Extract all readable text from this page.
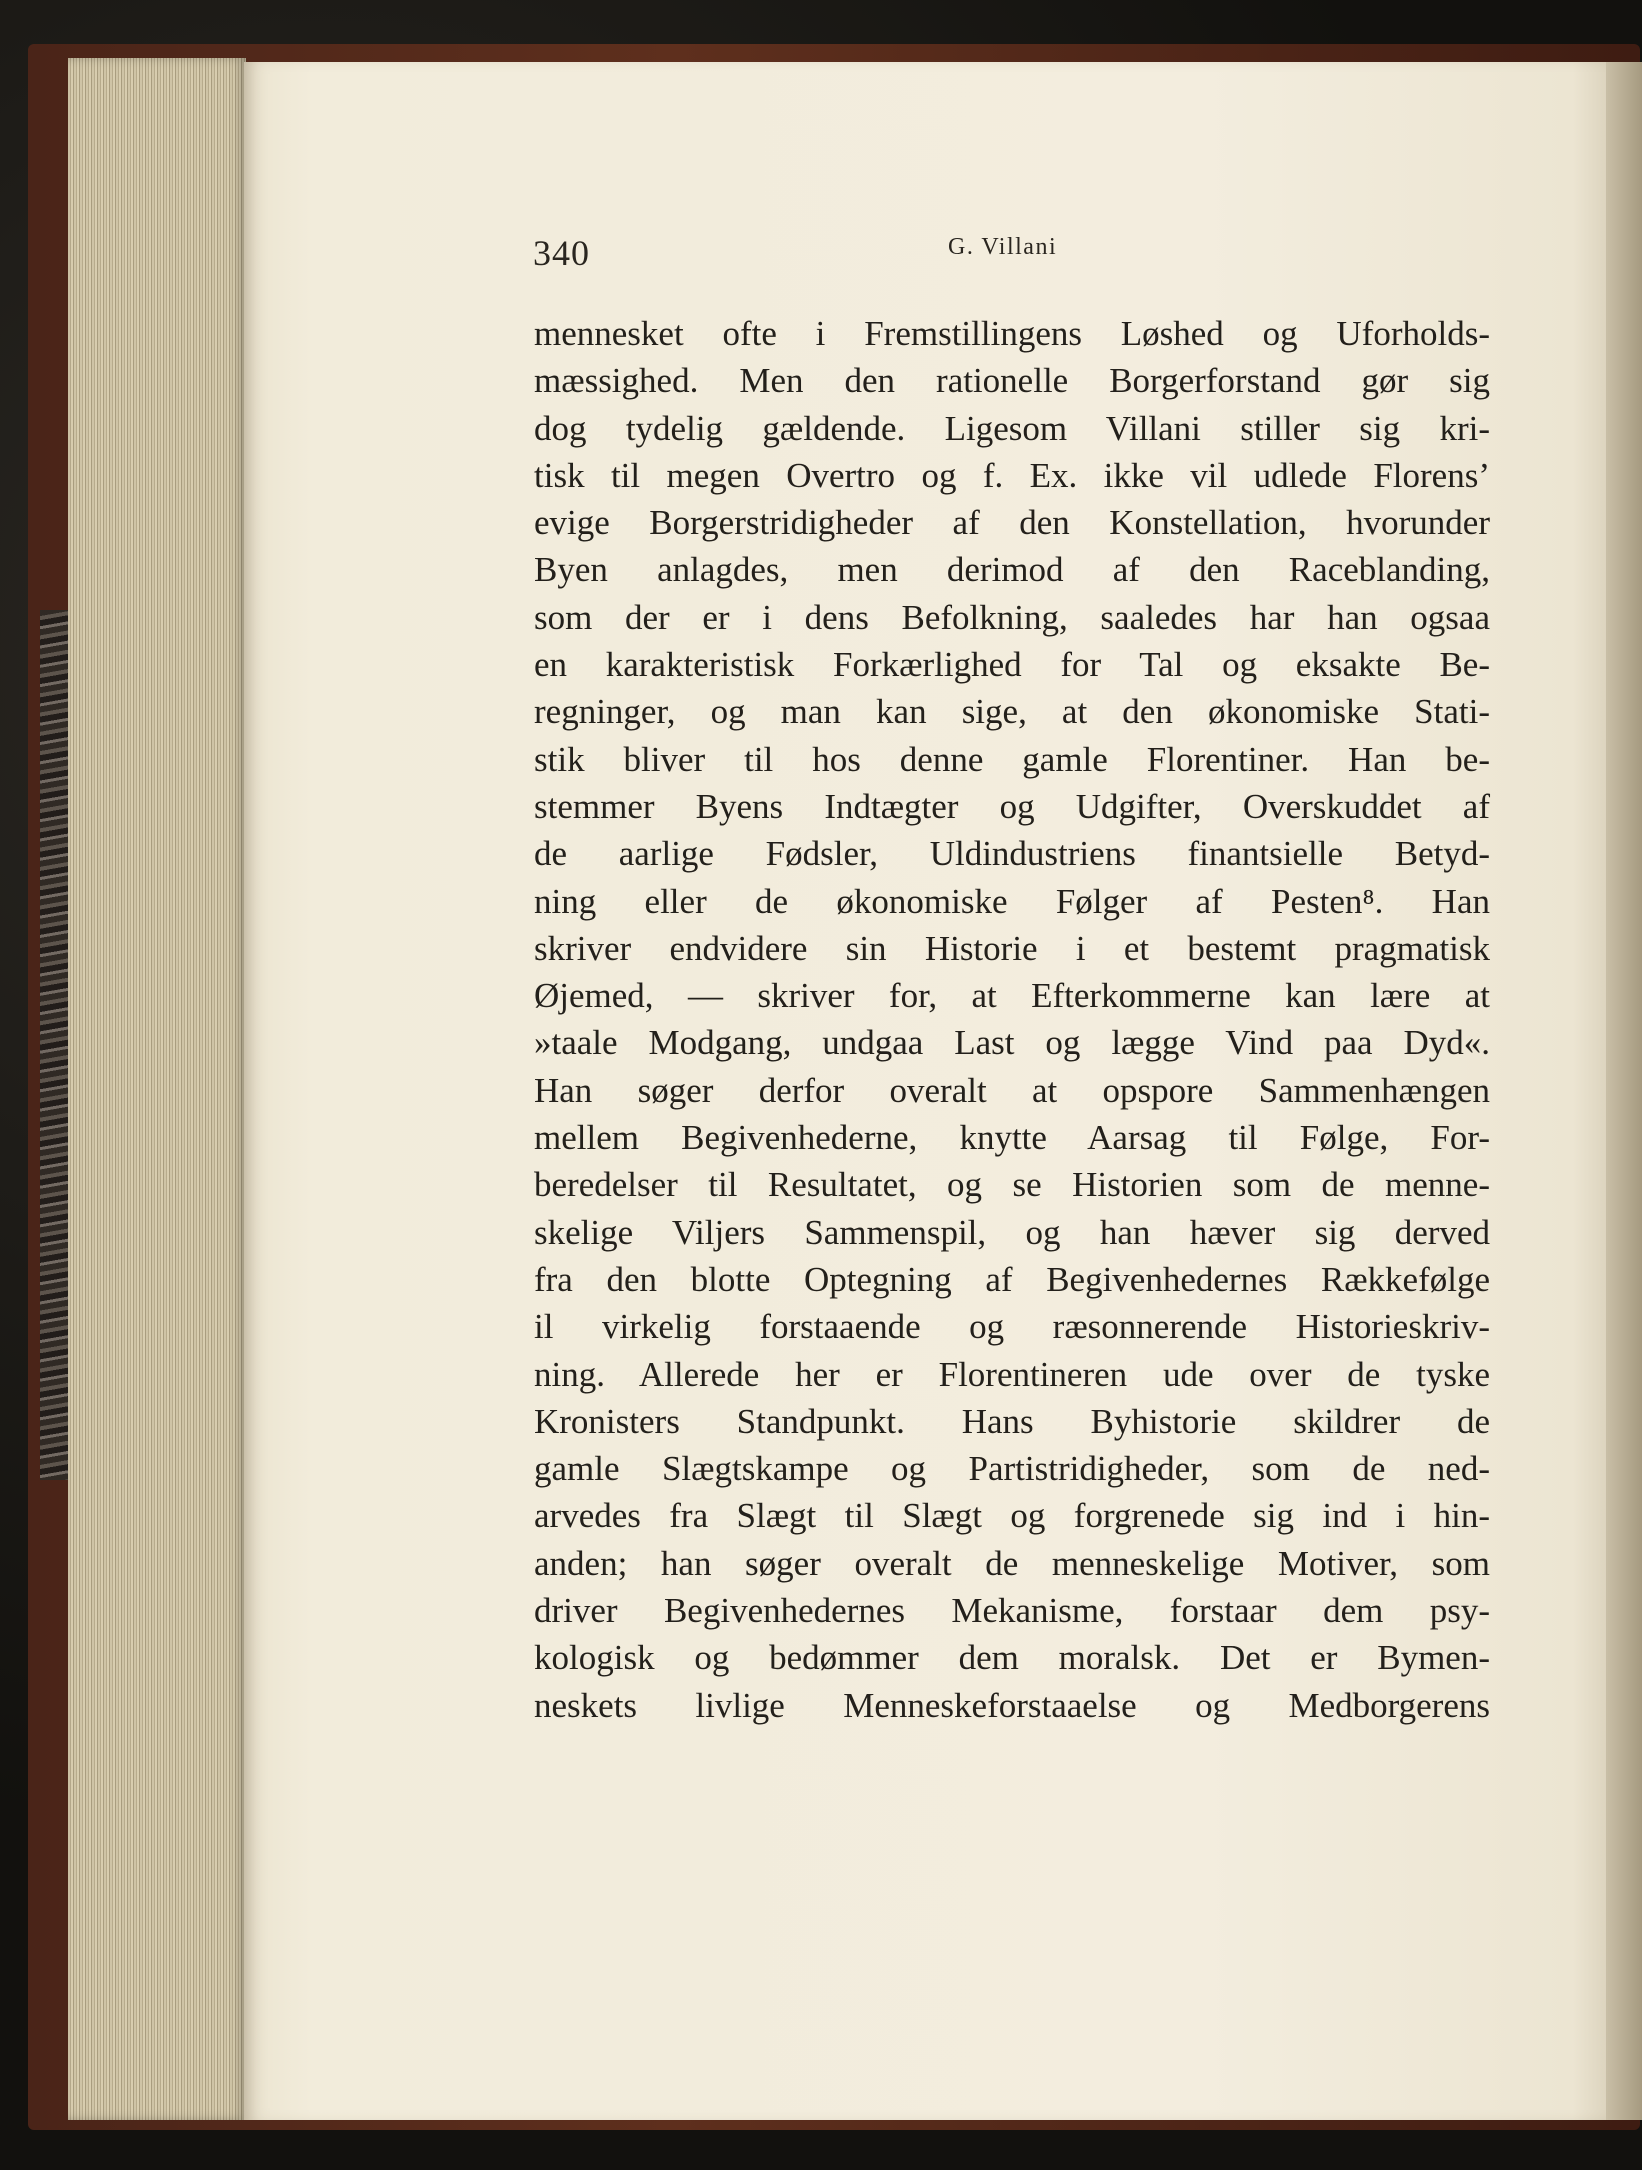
340	G. Villani
mennesket ofte i Fremstillingens Løshed og Uforholds-
mæssighed. Men den rationelle Borgerforstand gør sig
dog tydelig gældende. Ligesom Villani stiller sig kri-
tisk til megen Overtro og f. Ex. ikke vil udlede Florens’
evige Borgerstridigheder af den Konstellation, hvorunder
Byen anlagdes, men derimod af den Raceblanding,
som der er i dens Befolkning, saaledes har han ogsaa
en karakteristisk Forkærlighed for Tal og eksakte Be-
regninger, og man kan sige, at den økonomiske Stati-
stik bliver til hos denne gamle Florentiner. Han be-
stemmer Byens Indtægter og Udgifter, Overskuddet af
de aarlige Fødsler, Uldindustriens finantsielle Betyd-
ning eller de økonomiske Følger af Pesten⁸. Han
skriver endvidere sin Historie i et bestemt pragmatisk
Øjemed, — skriver for, at Efterkommerne kan lære at
»taale Modgang, undgaa Last og lægge Vind paa Dyd«.
Han søger derfor overalt at opspore Sammenhængen
mellem Begivenhederne, knytte Aarsag til Følge, For-
beredelser til Resultatet, og se Historien som de menne-
skelige Viljers Sammenspil, og han hæver sig derved
fra den blotte Optegning af Begivenhedernes Rækkefølge
il virkelig forstaaende og ræsonnerende Historieskriv-
ning. Allerede her er Florentineren ude over de tyske
Kronisters Standpunkt. Hans Byhistorie skildrer de
gamle Slægtskampe og Partistridigheder, som de ned-
arvedes fra Slægt til Slægt og forgrenede sig ind i hin-
anden; han søger overalt de menneskelige Motiver, som
driver Begivenhedernes Mekanisme, forstaar dem psy-
kologisk og bedømmer dem moralsk. Det er Bymen-
neskets livlige Menneskeforstaaelse og Medborgerens
